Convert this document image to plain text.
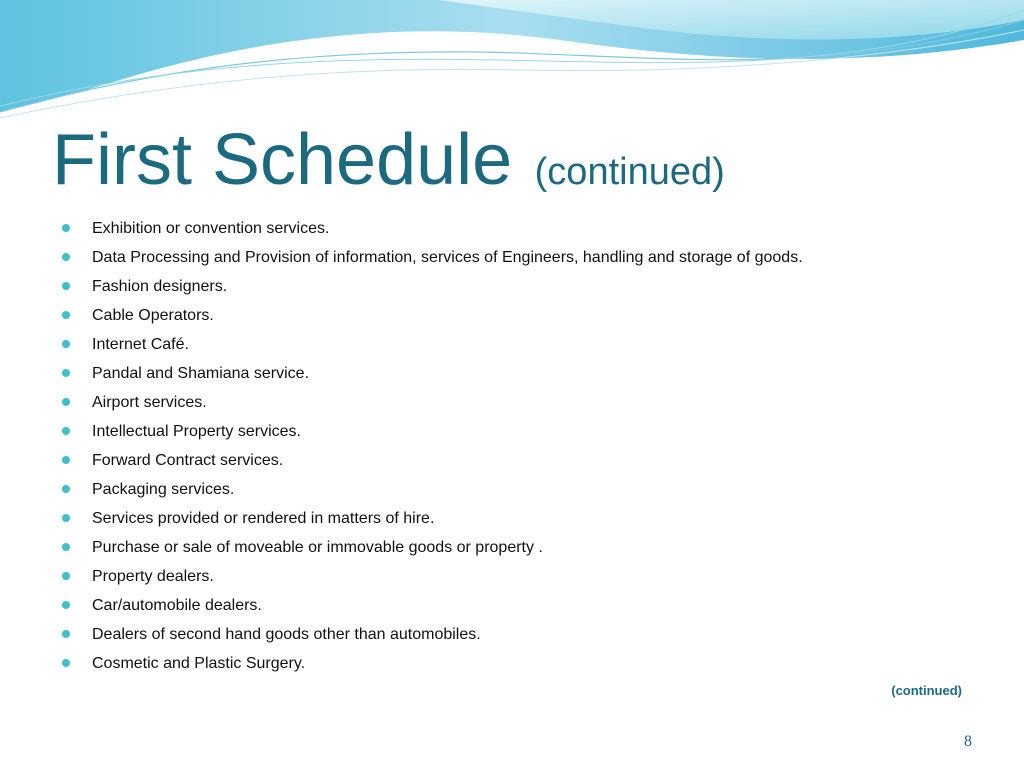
First Schedule (continued)
Exhibition or convention services.
Data Processing and Provision of information, services of Engineers, handling and storage of goods.
Fashion designers.
Cable Operators.
Internet Café.
Pandal and Shamiana service.
Airport services.
Intellectual Property services.
Forward Contract services.
Packaging services.
Services provided or rendered in matters of hire.
Purchase or sale of moveable or immovable goods or property .
Property dealers.
Car/automobile dealers.
Dealers of second hand goods other than automobiles.
Cosmetic and Plastic Surgery.
(continued)
8
